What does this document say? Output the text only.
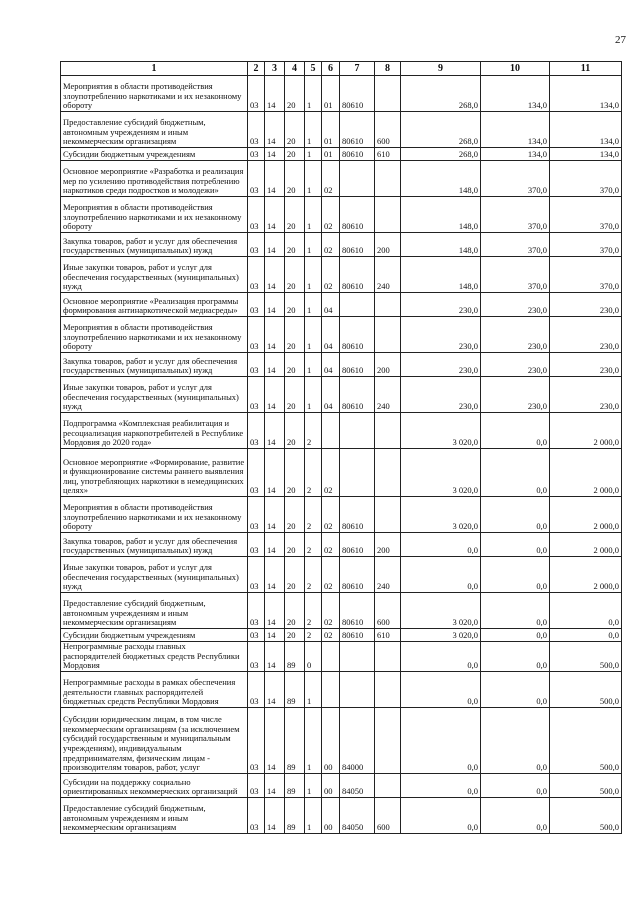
27
1	2	3	4	5	6	7	8	9	10	11
Мероприятия в области противодействия злоупотреблению наркотиками и их незаконному обороту	03	14	20	1	01	80610		268,0	134,0	134,0
Предоставление субсидий бюджетным, автономным учреждениям и иным некоммерческим организациям	03	14	20	1	01	80610	600	268,0	134,0	134,0
Субсидии бюджетным учреждениям	03	14	20	1	01	80610	610	268,0	134,0	134,0
Основное мероприятие «Разработка и реализация мер по усилению противодействия потреблению наркотиков среди подростков и молодежи»	03	14	20	1	02			148,0	370,0	370,0
Мероприятия в области противодействия злоупотреблению наркотиками и их незаконному обороту	03	14	20	1	02	80610		148,0	370,0	370,0
Закупка товаров, работ и услуг для обеспечения государственных (муниципальных) нужд	03	14	20	1	02	80610	200	148,0	370,0	370,0
Иные закупки товаров, работ и услуг для обеспечения государственных (муниципальных) нужд	03	14	20	1	02	80610	240	148,0	370,0	370,0
Основное мероприятие «Реализация программы формирования антинаркотической медиасреды»	03	14	20	1	04			230,0	230,0	230,0
Мероприятия в области противодействия злоупотреблению наркотиками и их незаконному обороту	03	14	20	1	04	80610		230,0	230,0	230,0
Закупка товаров, работ и услуг для обеспечения государственных (муниципальных) нужд	03	14	20	1	04	80610	200	230,0	230,0	230,0
Иные закупки товаров, работ и услуг для обеспечения государственных (муниципальных) нужд	03	14	20	1	04	80610	240	230,0	230,0	230,0
Подпрограмма «Комплексная реабилитация и ресоциализация наркопотребителей в Республике Мордовия до 2020 года»	03	14	20	2				3 020,0	0,0	2 000,0
Основное мероприятие «Формирование, развитие и функционирование системы раннего выявления лиц, употребляющих наркотики в немедицинских целях»	03	14	20	2	02			3 020,0	0,0	2 000,0
Мероприятия в области противодействия злоупотреблению наркотиками и их незаконному обороту	03	14	20	2	02	80610		3 020,0	0,0	2 000,0
Закупка товаров, работ и услуг для обеспечения государственных (муниципальных) нужд	03	14	20	2	02	80610	200	0,0	0,0	2 000,0
Иные закупки товаров, работ и услуг для обеспечения государственных (муниципальных) нужд	03	14	20	2	02	80610	240	0,0	0,0	2 000,0
Предоставление субсидий бюджетным, автономным учреждениям и иным некоммерческим организациям	03	14	20	2	02	80610	600	3 020,0	0,0	0,0
Субсидии бюджетным учреждениям	03	14	20	2	02	80610	610	3 020,0	0,0	0,0
Непрограммные расходы главных распорядителей бюджетных средств Республики Мордовия	03	14	89	0				0,0	0,0	500,0
Непрограммные расходы в рамках обеспечения деятельности главных распорядителей бюджетных средств Республики Мордовия	03	14	89	1				0,0	0,0	500,0
Субсидии юридическим лицам, в том числе некоммерческим организациям (за исключением субсидий государственным и муниципальным учреждениям), индивидуальным предпринимателям, физическим лицам - производителям товаров, работ, услуг	03	14	89	1	00	84000		0,0	0,0	500,0
Субсидии на поддержку социально ориентированных некоммерческих организаций	03	14	89	1	00	84050		0,0	0,0	500,0
Предоставление субсидий бюджетным, автономным учреждениям и иным некоммерческим организациям	03	14	89	1	00	84050	600	0,0	0,0	500,0
